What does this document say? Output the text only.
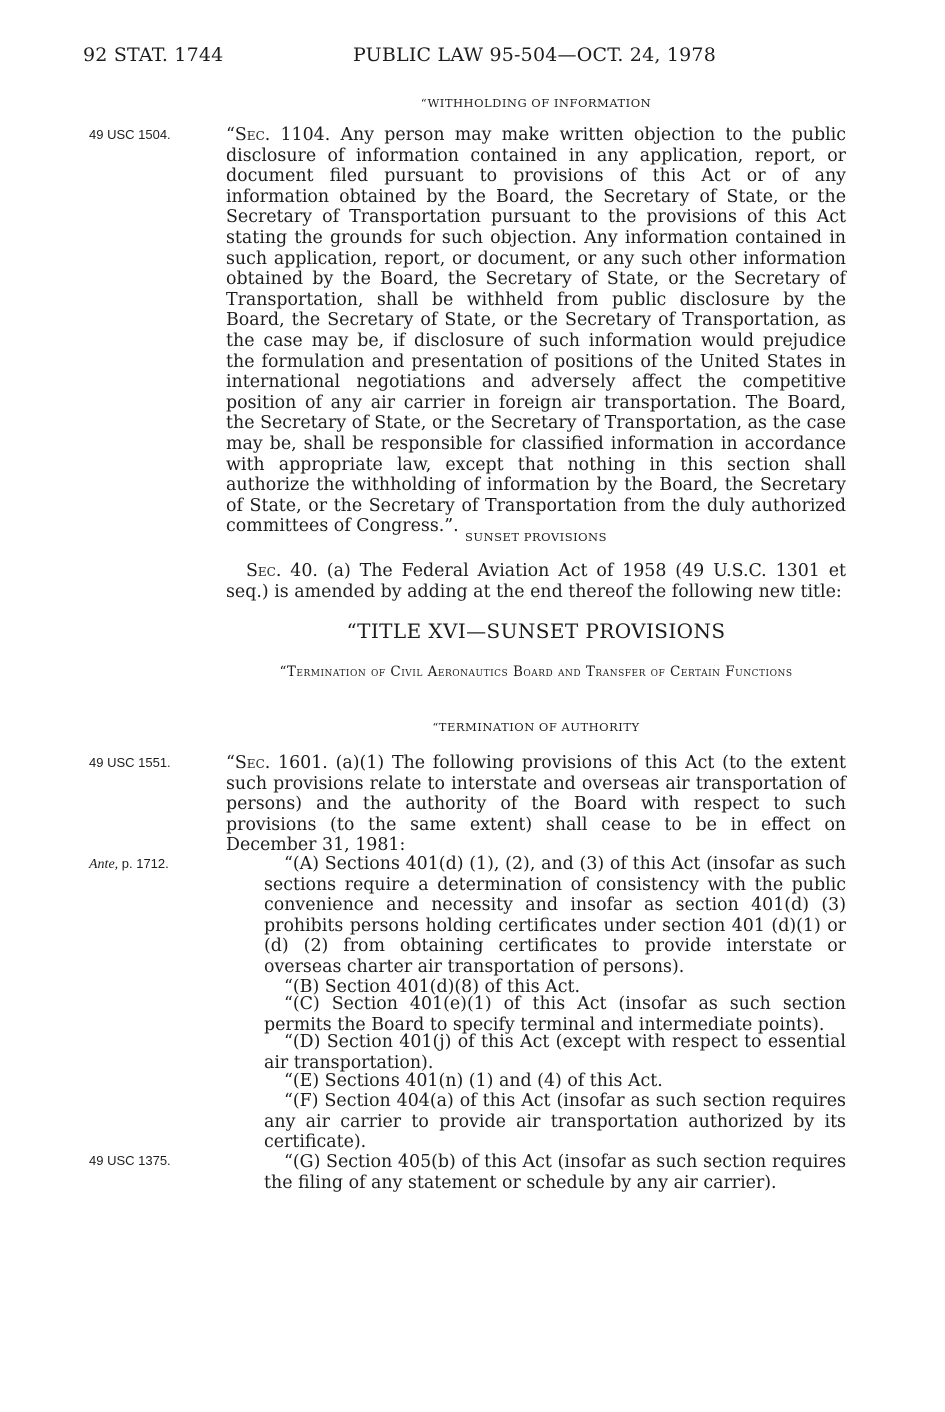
92 STAT. 1744	PUBLIC LAW 95-504—OCT. 24, 1978
“WITHHOLDING OF INFORMATION
49 USC 1504.	“Sec. 1104. Any person may make written objection to the public disclosure of information contained in any application, report, or document filed pursuant to provisions of this Act or of any information obtained by the Board, the Secretary of State, or the Secretary of Transportation pursuant to the provisions of this Act stating the grounds for such objection. Any information contained in such application, report, or document, or any such other information obtained by the Board, the Secretary of State, or the Secretary of Transportation, shall be withheld from public disclosure by the Board, the Secretary of State, or the Secretary of Transportation, as the case may be, if disclosure of such information would prejudice the formulation and presentation of positions of the United States in international negotiations and adversely affect the competitive position of any air carrier in foreign air transportation. The Board, the Secretary of State, or the Secretary of Transportation, as the case may be, shall be responsible for classified information in accordance with appropriate law, except that nothing in this section shall authorize the withholding of information by the Board, the Secretary of State, or the Secretary of Transportation from the duly authorized committees of Congress.”.

SUNSET PROVISIONS

Sec. 40. (a) The Federal Aviation Act of 1958 (49 U.S.C. 1301 et seq.) is amended by adding at the end thereof the following new title:

“TITLE XVI—SUNSET PROVISIONS
“Termination of Civil Aeronautics Board and Transfer of Certain Functions
“TERMINATION OF AUTHORITY
49 USC 1551.	“Sec. 1601. (a)(1) The following provisions of this Act (to the extent such provisions relate to interstate and overseas air transportation of persons) and the authority of the Board with respect to such provisions (to the same extent) shall cease to be in effect on December 31, 1981:

Ante, p. 1712.	“(A) Sections 401(d) (1), (2), and (3) of this Act (insofar as such sections require a determination of consistency with the public convenience and necessity and insofar as section 401(d) (3) prohibits persons holding certificates under section 401 (d)(1) or (d) (2) from obtaining certificates to provide interstate or overseas charter air transportation of persons).

“(B) Section 401(d)(8) of this Act.

“(C) Section 401(e)(1) of this Act (insofar as such section permits the Board to specify terminal and intermediate points).

“(D) Section 401(j) of this Act (except with respect to essential air transportation).

“(E) Sections 401(n) (1) and (4) of this Act.

“(F) Section 404(a) of this Act (insofar as such section requires any air carrier to provide air transportation authorized by its certificate).

49 USC 1375.	“(G) Section 405(b) of this Act (insofar as such section requires the filing of any statement or schedule by any air carrier).
